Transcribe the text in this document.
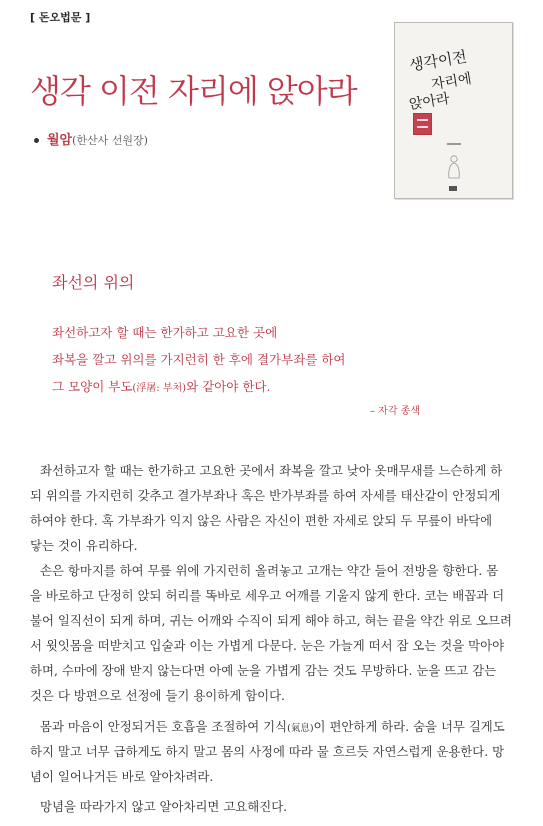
[ 돈오법문 ]
생각 이전 자리에 앉아라
월암(한산사 선원장)
생각이전
자리에
앉아라
좌선의 위의
좌선하고자 할 때는 한가하고 고요한 곳에
좌복을 깔고 위의를 가지런히 한 후에 결가부좌를 하여
그 모양이 부도(浮屠: 부처)와 같아야 한다.
– 자각 종색
좌선하고자 할 때는 한가하고 고요한 곳에서 좌복을 깔고 낮아 옷매무새를 느슨하게 하
되 위의를 가지런히 갖추고 결가부좌나 혹은 반가부좌를 하여 자세를 태산같이 안정되게
하여야 한다. 혹 가부좌가 익지 않은 사람은 자신이 편한 자세로 앉되 두 무릎이 바닥에
닿는 것이 유리하다.
손은 항마지를 하여 무릎 위에 가지런히 올려놓고 고개는 약간 들어 전방을 향한다. 몸
을 바로하고 단정히 앉되 허리를 똑바로 세우고 어깨를 기울지 않게 한다. 코는 배꼽과 더
불어 일직선이 되게 하며, 귀는 어깨와 수직이 되게 해야 하고, 혀는 끝을 약간 위로 오므려
서 윗잇몸을 떠받치고 입술과 이는 가볍게 다문다. 눈은 가늘게 떠서 잠 오는 것을 막아야
하며, 수마에 장애 받지 않는다면 아예 눈을 가볍게 감는 것도 무방하다. 눈을 뜨고 감는
것은 다 방편으로 선정에 들기 용이하게 함이다.
몸과 마음이 안정되거든 호흡을 조절하여 기식(氣息)이 편안하게 하라. 숨을 너무 길게도
하지 말고 너무 급하게도 하지 말고 몸의 사정에 따라 물 흐르듯 자연스럽게 운용한다. 망
념이 일어나거든 바로 알아차려라.
망념을 따라가지 않고 알아차리면 고요해진다.
